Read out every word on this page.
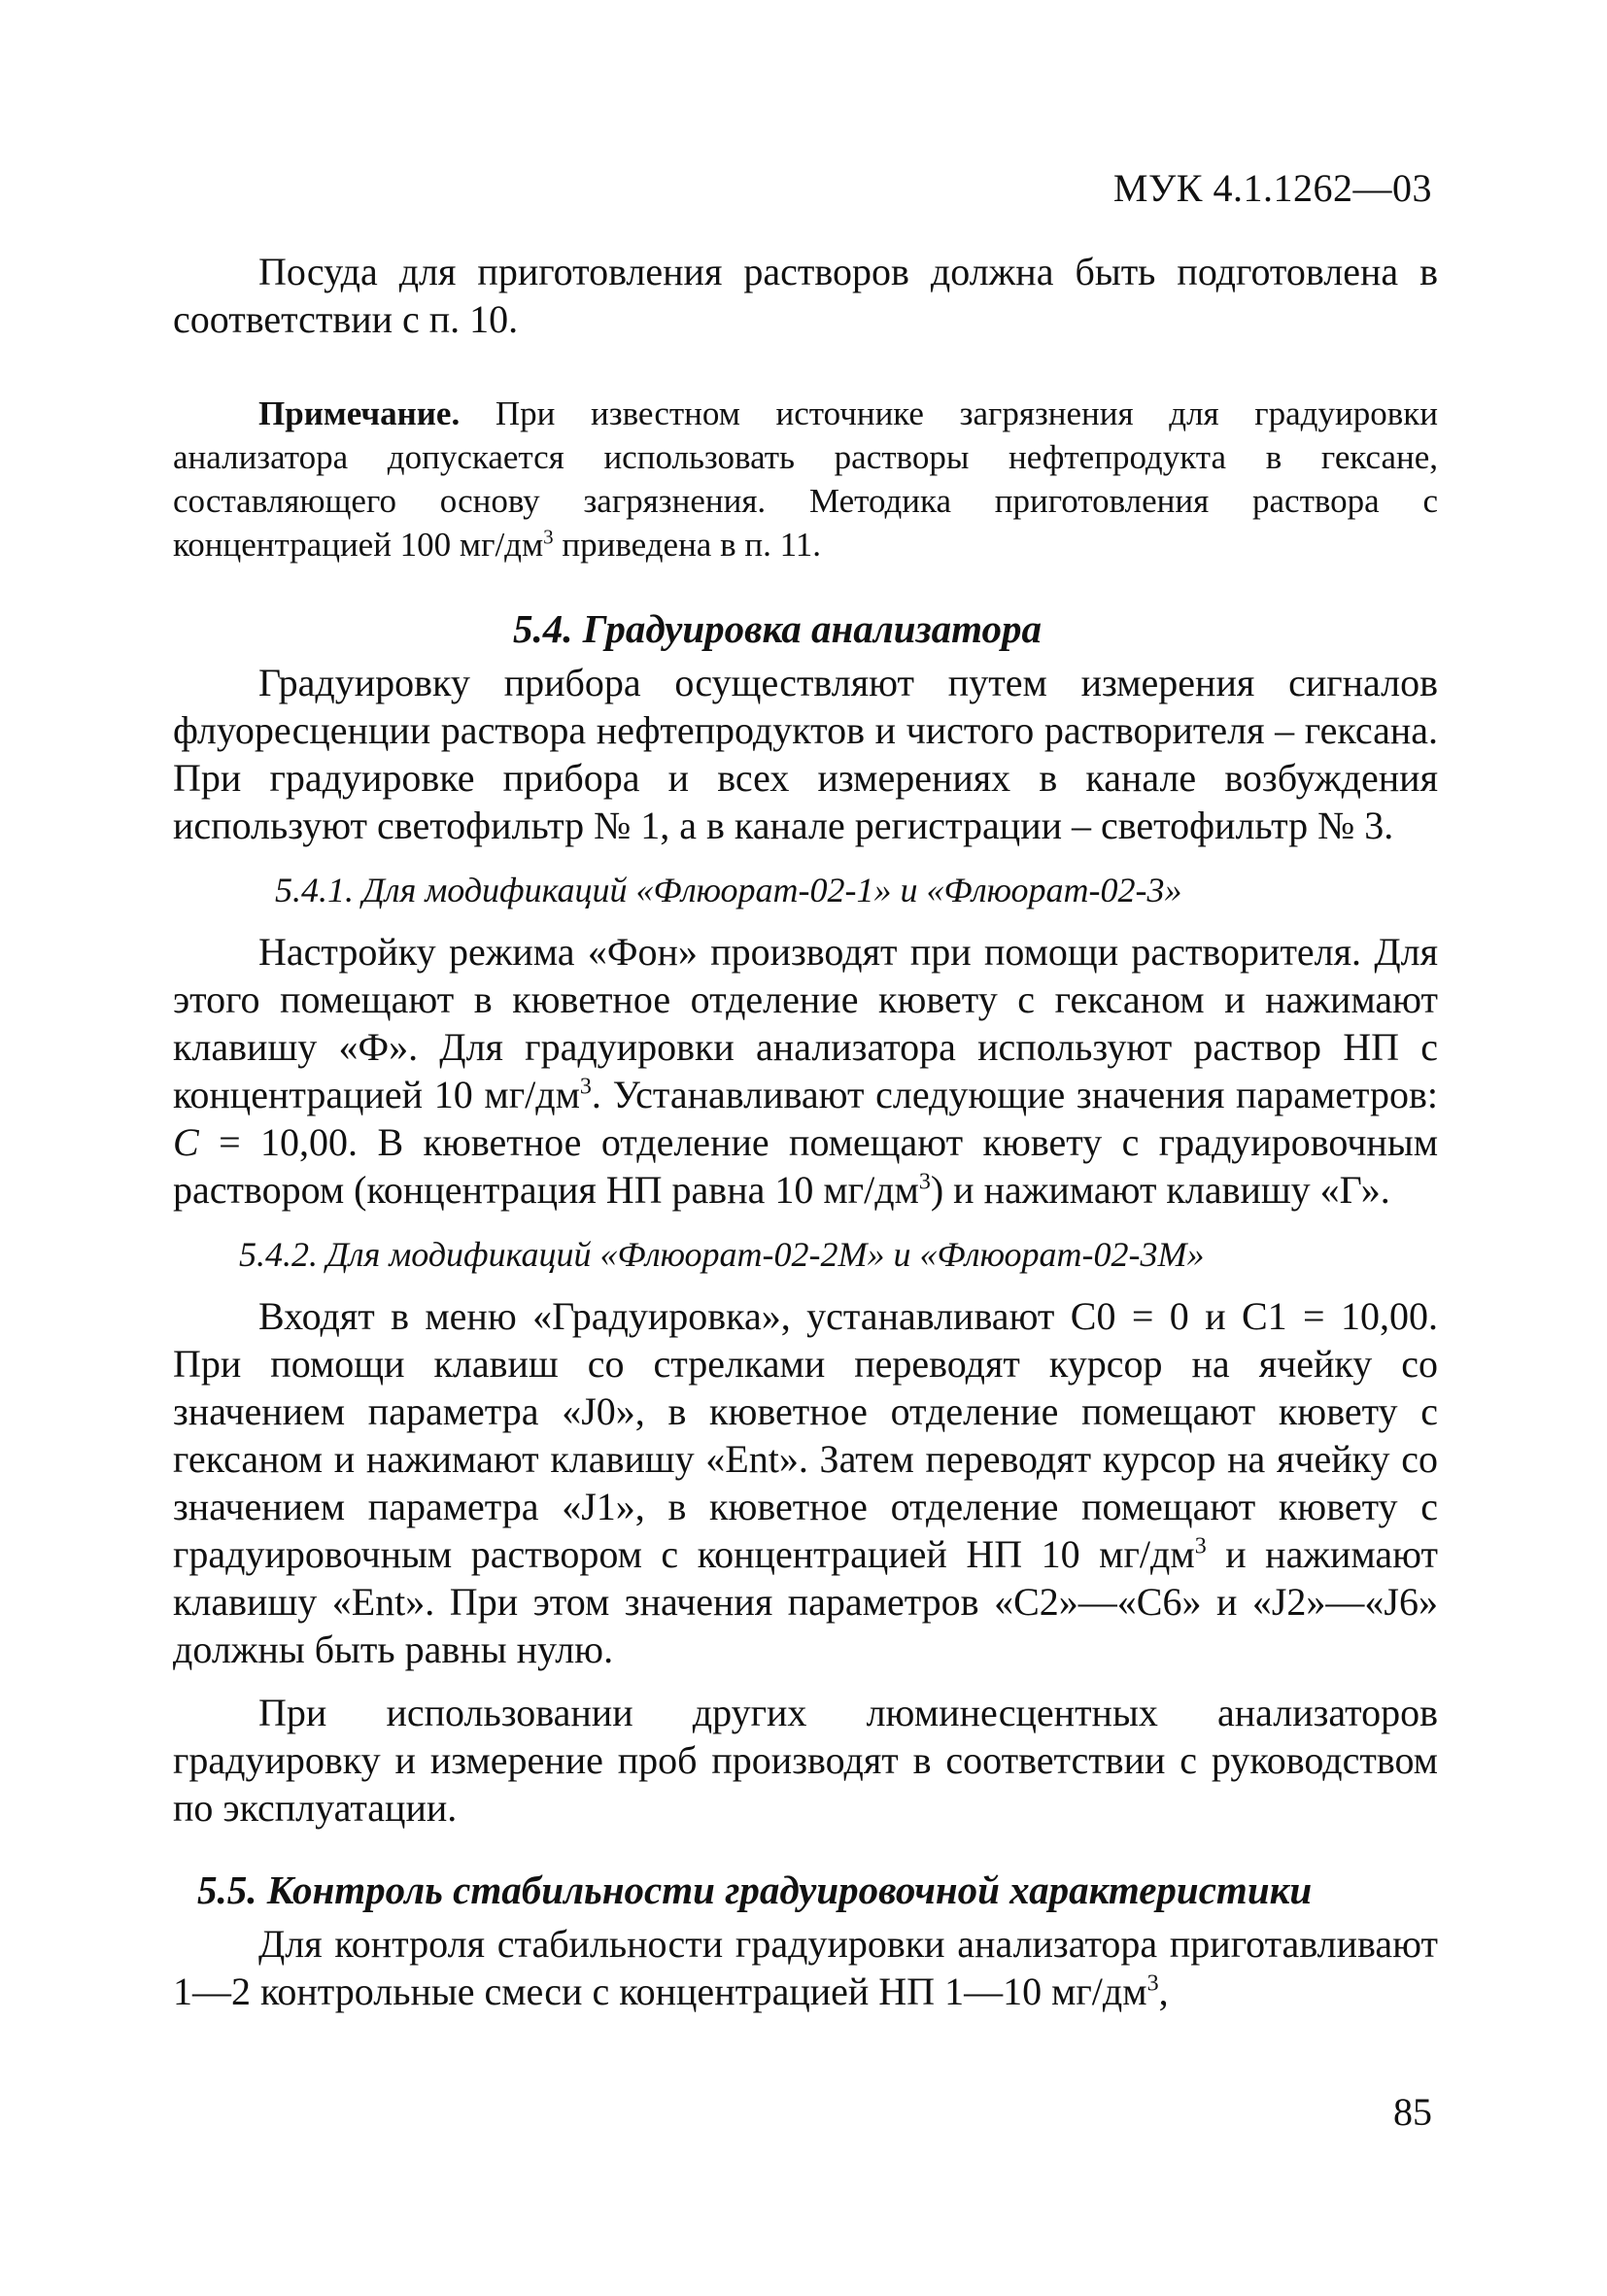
МУК 4.1.1262—03

Посуда для приготовления растворов должна быть подготовлена в соответствии с п. 10.

Примечание. При известном источнике загрязнения для градуировки анализатора допускается использовать растворы нефтепродукта в гексане, составляющего основу загрязнения. Методика приготовления раствора с концентрацией 100 $мг/дм^3$ приведена в п. 11.

5.4. Градуировка анализатора

Градуировку прибора осуществляют путем измерения сигналов флуоресценции раствора нефтепродуктов и чистого растворителя – гексана. При градуировке прибора и всех измерениях в канале возбуждения используют светофильтр № 1, а в канале регистрации – светофильтр № 3.

5.4.1. Для модификаций «Флюорат-02-1» и «Флюорат-02-3»

Настройку режима «Фон» производят при помощи растворителя. Для этого помещают в кюветное отделение кювету с гексаном и нажимают клавишу «Ф». Для градуировки анализатора используют раствор НП с концентрацией 10 $мг/дм^3$. Устанавливают следующие значения параметров: С = 10,00. В кюветное отделение помещают кювету с градуировочным раствором (концентрация НП равна 10 $мг/дм^3$) и нажимают клавишу «Г».

5.4.2. Для модификаций «Флюорат-02-2М» и «Флюорат-02-3М»

Входят в меню «Градуировка», устанавливают С0 = 0 и С1 = 10,00. При помощи клавиш со стрелками переводят курсор на ячейку со значением параметра «J0», в кюветное отделение помещают кювету с гексаном и нажимают клавишу «Ent». Затем переводят курсор на ячейку со значением параметра «J1», в кюветное отделение помещают кювету с градуировочным раствором с концентрацией НП 10 $мг/дм^3$ и нажимают клавишу «Ent». При этом значения параметров «С2»—«С6» и «J2»—«J6» должны быть равны нулю.

При использовании других люминесцентных анализаторов градуировку и измерение проб производят в соответствии с руководством по эксплуатации.

5.5. Контроль стабильности градуировочной характеристики

Для контроля стабильности градуировки анализатора приготавливают 1—2 контрольные смеси с концентрацией НП 1—10 $мг/дм^3$,

85
